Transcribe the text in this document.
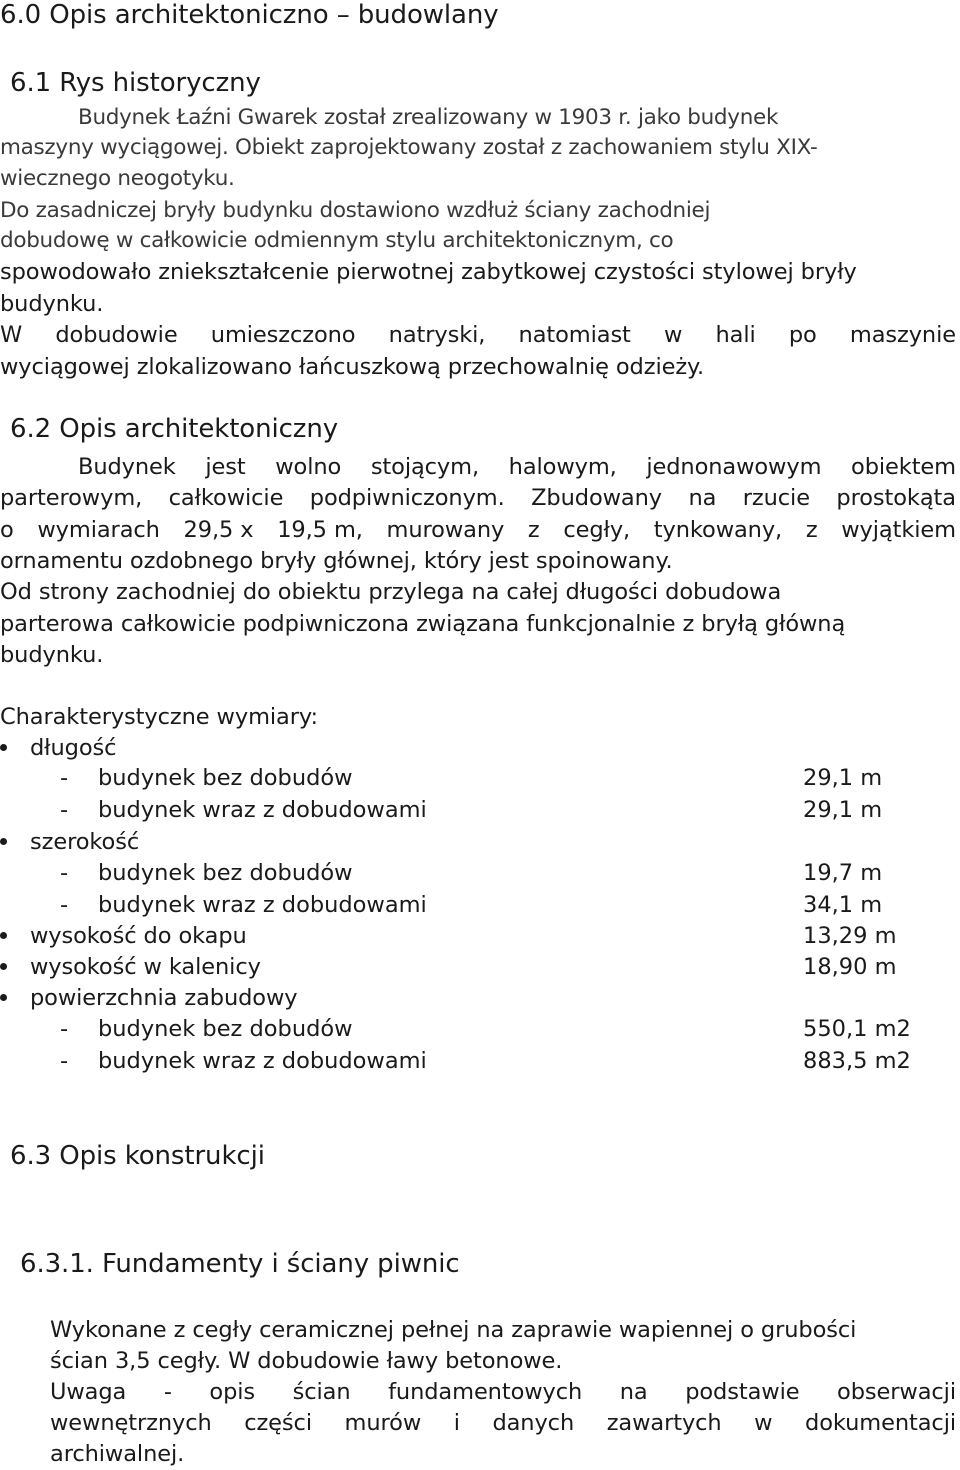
6.0 Opis architektoniczno – budowlany
6.1 Rys historyczny
Budynek Łaźni Gwarek został zrealizowany w 1903 r. jako budynek
maszyny wyciągowej. Obiekt zaprojektowany został z zachowaniem stylu XIX-
wiecznego neogotyku.
Do zasadniczej bryły budynku dostawiono wzdłuż ściany zachodniej
dobudowę w całkowicie odmiennym stylu architektonicznym, co
spowodowało zniekształcenie pierwotnej zabytkowej czystości stylowej bryły
budynku.
W dobudowie umieszczono natryski, natomiast w hali po maszynie
wyciągowej zlokalizowano łańcuszkową przechowalnię odzieży.
6.2 Opis architektoniczny
Budynek jest wolno stojącym, halowym, jednonawowym obiektem
parterowym, całkowicie podpiwniczonym. Zbudowany na rzucie prostokąta
o wymiarach 29,5 x 19,5 m, murowany z cegły, tynkowany, z wyjątkiem
ornamentu ozdobnego bryły głównej, który jest spoinowany.
Od strony zachodniej do obiektu przylega na całej długości dobudowa
parterowa całkowicie podpiwniczona związana funkcjonalnie z bryłą główną
budynku.
Charakterystyczne wymiary:
długość
- budynek bez dobudów	29,1 m
- budynek wraz z dobudowami	29,1 m
szerokość
- budynek bez dobudów	19,7 m
- budynek wraz z dobudowami	34,1 m
wysokość do okapu	13,29 m
wysokość w kalenicy	18,90 m
powierzchnia zabudowy
- budynek bez dobudów	550,1 m2
- budynek wraz z dobudowami	883,5 m2
6.3 Opis konstrukcji
6.3.1. Fundamenty i ściany piwnic
Wykonane z cegły ceramicznej pełnej na zaprawie wapiennej o grubości
ścian 3,5 cegły. W dobudowie ławy betonowe.
Uwaga - opis ścian fundamentowych na podstawie obserwacji
wewnętrznych części murów i danych zawartych w dokumentacji
archiwalnej.
